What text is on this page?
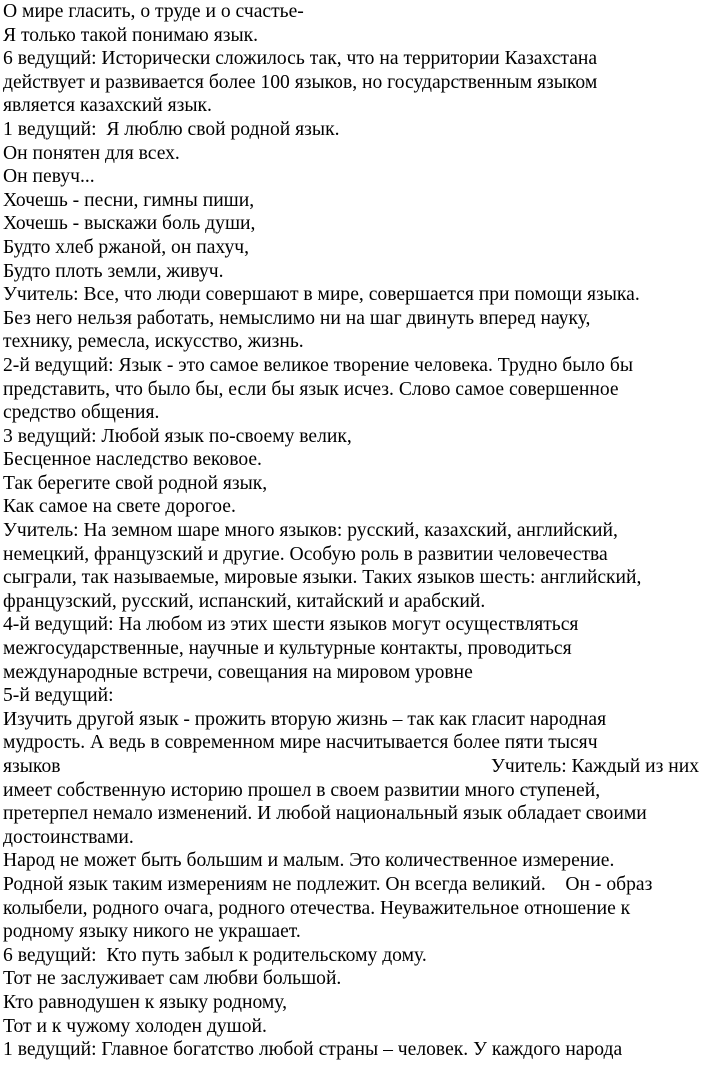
О мире гласить, о труде и о счастье-
Я только такой понимаю язык.
6 ведущий: Исторически сложилось так, что на территории Казахстана
действует и развивается более 100 языков, но государственным языком
является казахский язык.
1 ведущий:  Я люблю свой родной язык.
Он понятен для всех.
Он певуч...
Хочешь - песни, гимны пиши,
Хочешь - выскажи боль души,
Будто хлеб ржаной, он пахуч,
Будто плоть земли, живуч.
Учитель: Все, что люди совершают в мире, совершается при помощи языка.
Без него нельзя работать, немыслимо ни на шаг двинуть вперед науку,
технику, ремесла, искусство, жизнь.
2-й ведущий: Язык - это самое великое творение человека. Трудно было бы
представить, что было бы, если бы язык исчез. Слово самое совершенное
средство общения.
3 ведущий: Любой язык по-своему велик,
Бесценное наследство вековое.
Так берегите свой родной язык,
Как самое на свете дорогое.
Учитель: На земном шаре много языков: русский, казахский, английский,
немецкий, французский и другие. Особую роль в развитии человечества
сыграли, так называемые, мировые языки. Таких языков шесть: английский,
французский, русский, испанский, китайский и арабский.
4-й ведущий: На любом из этих шести языков могут осуществляться
межгосударственные, научные и культурные контакты, проводиться
международные встречи, совещания на мировом уровне
5-й ведущий:
Изучить другой язык - прожить вторую жизнь – так как гласит народная
мудрость. А ведь в современном мире насчитывается более пяти тысяч
языков	Учитель: Каждый из них
имеет собственную историю прошел в своем развитии много ступеней,
претерпел немало изменений. И любой национальный язык обладает своими
достоинствами.
Народ не может быть большим и малым. Это количественное измерение.
Родной язык таким измерениям не подлежит. Он всегда великий.    Он - образ
колыбели, родного очага, родного отечества. Неуважительное отношение к
родному языку никого не украшает.
6 ведущий:  Кто путь забыл к родительскому дому.
Тот не заслуживает сам любви большой.
Кто равнодушен к языку родному,
Тот и к чужому холоден душой.
1 ведущий: Главное богатство любой страны – человек. У каждого народа
